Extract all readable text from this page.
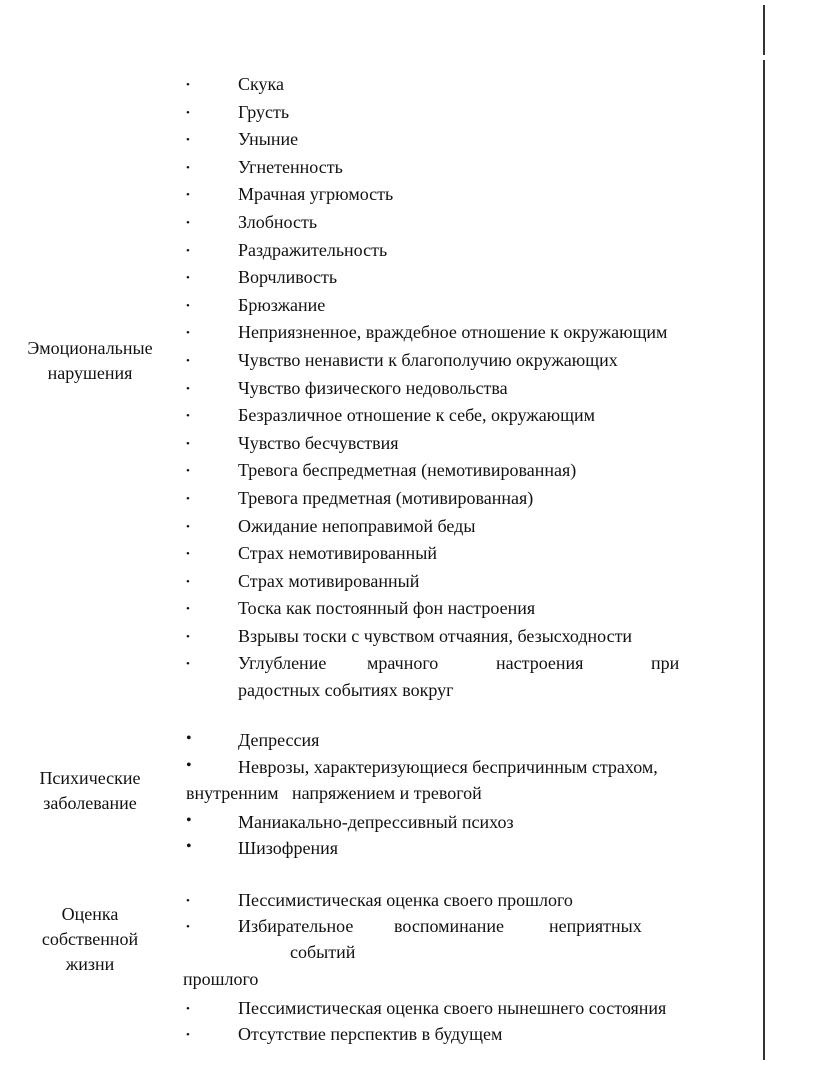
Эмоциональные
нарушения
•	Скука
•	Грусть
•	Уныние
•	Угнетенность
•	Мрачная угрюмость
•	Злобность
•	Раздражительность
•	Ворчливость
•	Брюзжание
•	Неприязненное, враждебное отношение к окружающим
•	Чувство ненависти к благополучию окружающих
•	Чувство физического недовольства
•	Безразличное отношение к себе, окружающим
•	Чувство бесчувствия
•	Тревога беспредметная (немотивированная)
•	Тревога предметная (мотивированная)
•	Ожидание непоправимой беды
•	Страх немотивированный
•	Страх мотивированный
•	Тоска как постоянный фон настроения
•	Взрывы тоски с чувством отчаяния, безысходности
•	Углубление мрачного	настроения	при
радостных событиях вокруг
Психические
заболевание
•	Депрессия
•	Неврозы, характеризующиеся беспричинным страхом,
внутренним   напряжением и тревогой
•	Маниакально-депрессивный психоз
•	Шизофрения
Оценка
собственной
жизни
•	Пессимистическая оценка своего прошлого
•	Избирательное воспоминание неприятных
событий
прошлого
•	Пессимистическая оценка своего нынешнего состояния
•	Отсутствие перспектив в будущем
